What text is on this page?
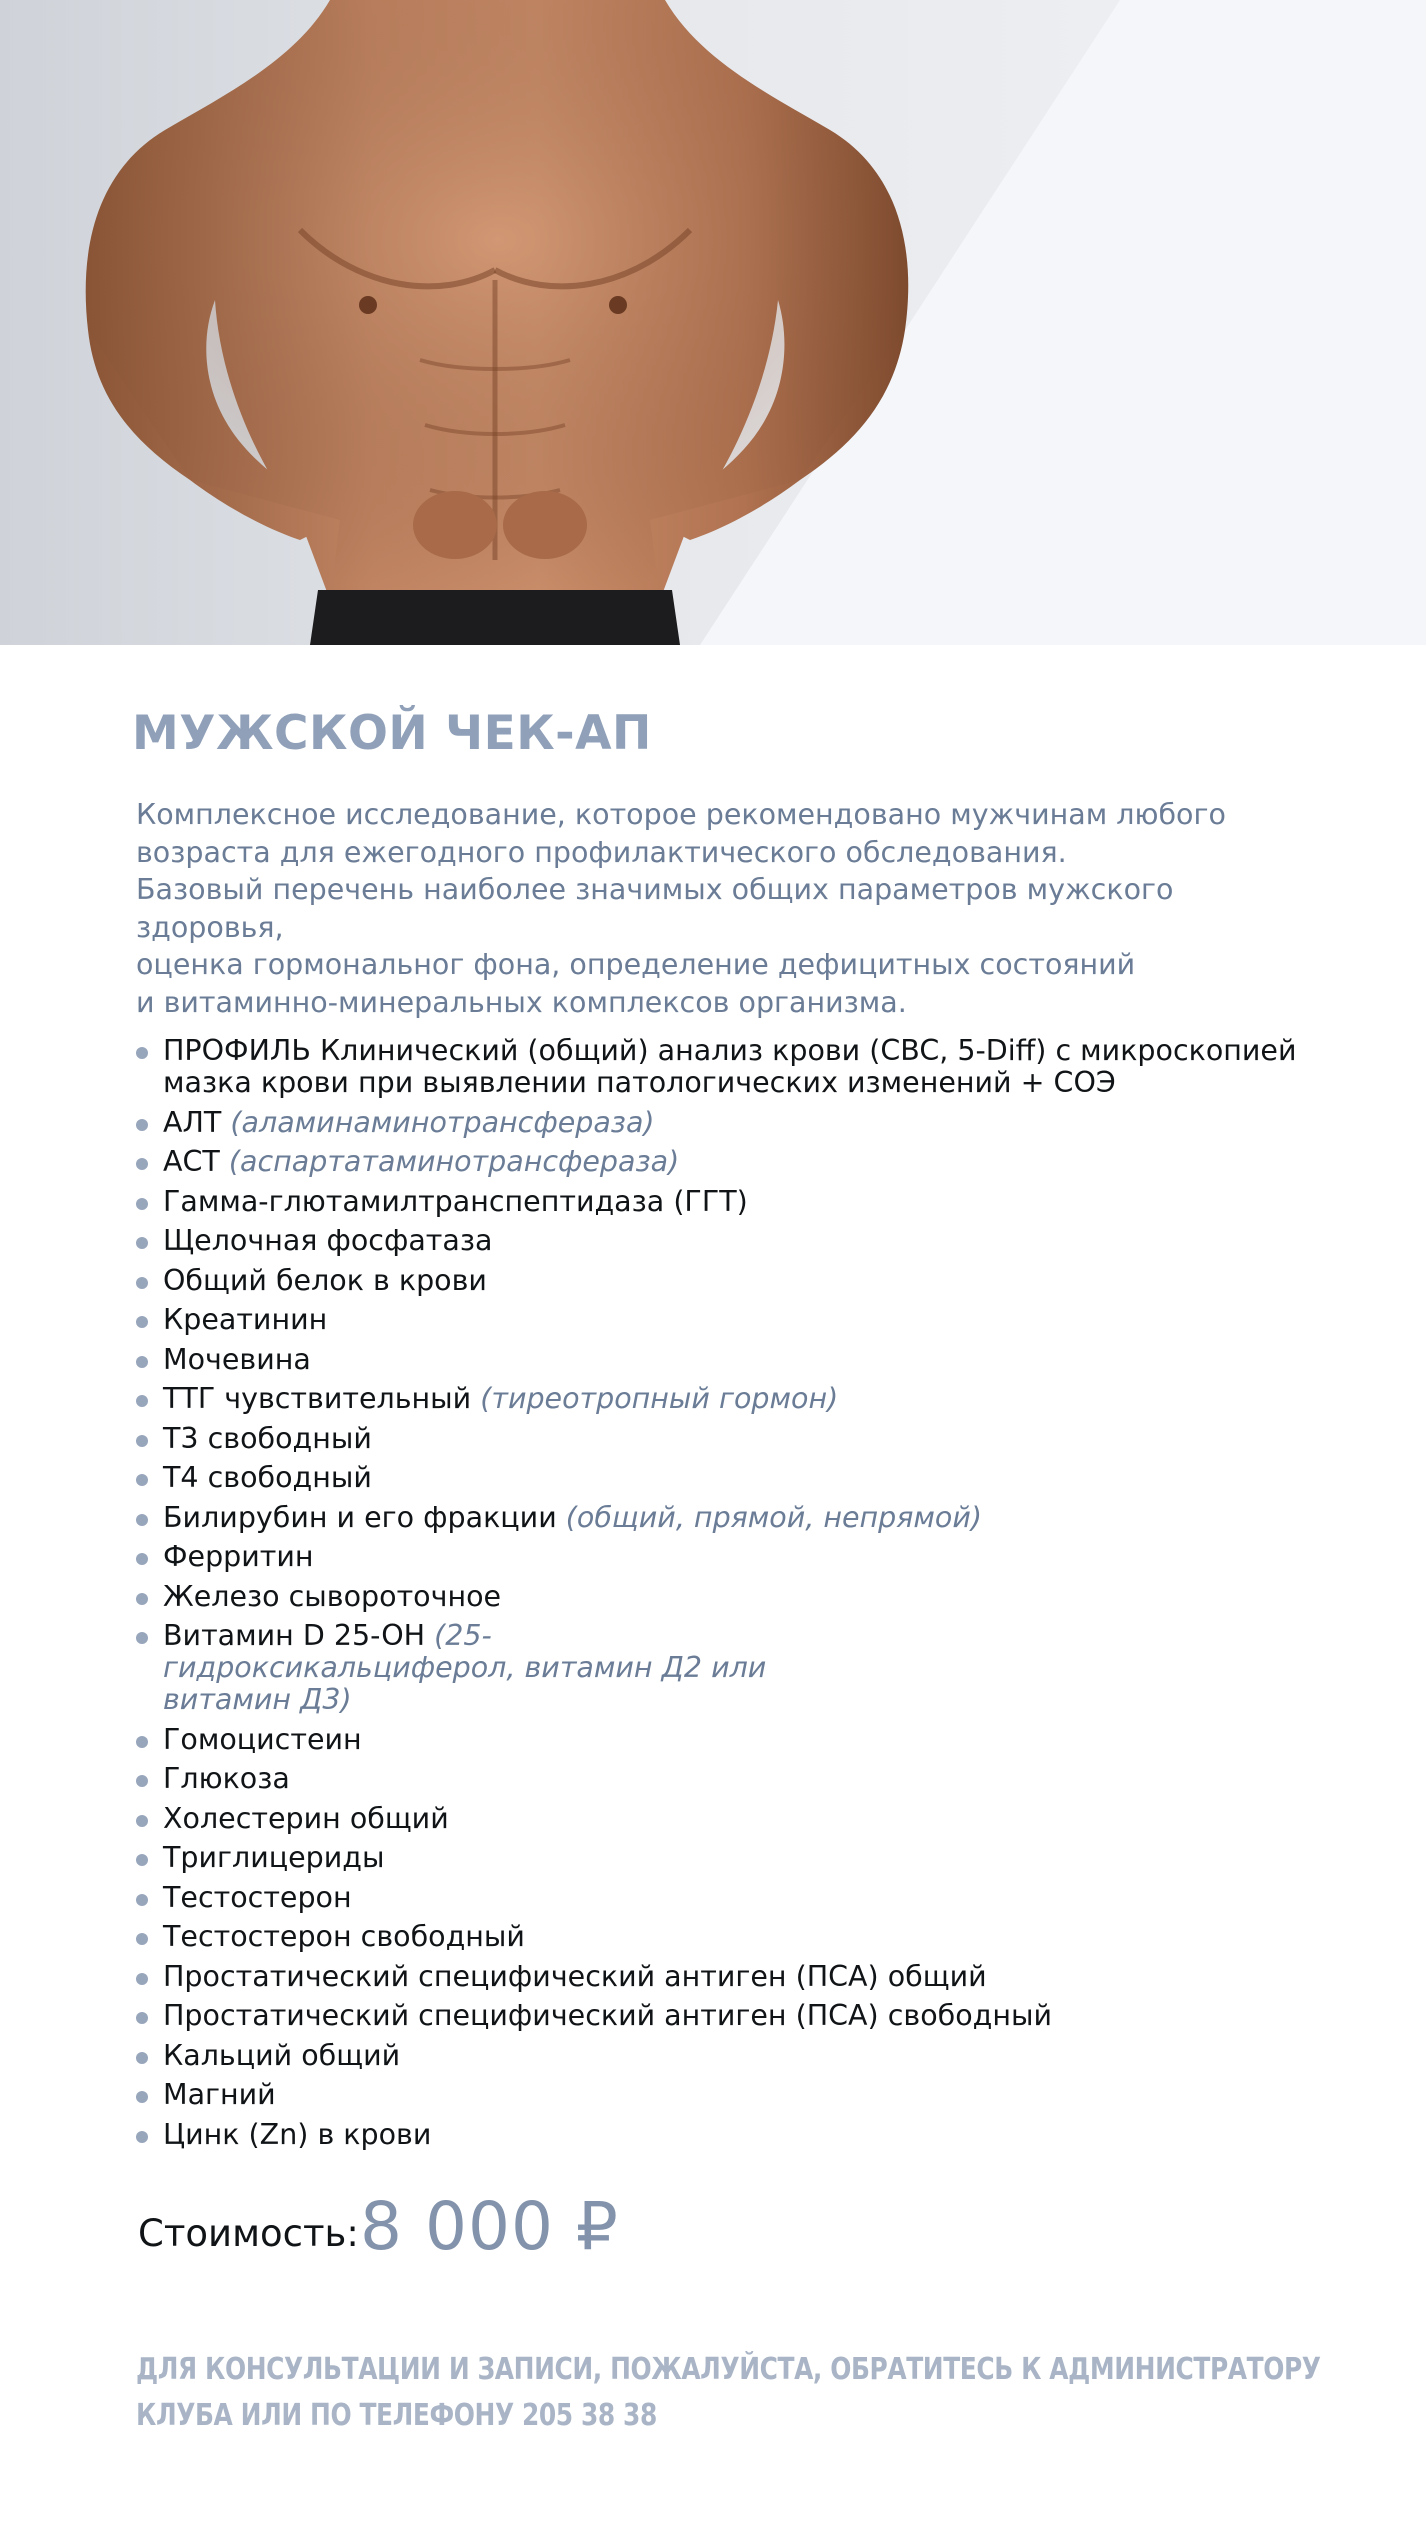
МУЖСКОЙ ЧЕК-АП

Комплексное исследование, которое рекомендовано мужчинам любого

возраста для ежегодного профилактического обследования.

Базовый перечень наиболее значимых общих параметров мужского здоровья,

оценка гормональног фона, определение дефицитных состояний

и витаминно-минеральных комплексов организма.

ПРОФИЛЬ Клинический (общий) анализ крови (CBC, 5-Diff) с микроскопией мазка крови при выявлении патологических изменений + СОЭ
АЛТ (аламинаминотрансфераза)
АСТ (аспартатаминотрансфераза)
Гамма-глютамилтранспептидаза (ГГТ)
Щелочная фосфатаза
Общий белок в крови
Креатинин
Мочевина
ТТГ чувствительный (тиреотропный гормон)
Т3 свободный
Т4 свободный
Билирубин и его фракции (общий, прямой, непрямой)
Ферритин
Железо сывороточное
Витамин D 25-OH (25-гидроксикальциферол, витамин Д2 или витамин Д3)
Гомоцистеин
Глюкоза
Холестерин общий
Триглицериды
Тестостерон
Тестостерон свободный
Простатический специфический антиген (ПСА) общий
Простатический специфический антиген (ПСА) свободный
Кальций общий
Магний
Цинк (Zn) в крови
Стоимость: 8 000 ₽
ДЛЯ КОНСУЛЬТАЦИИ И ЗАПИСИ, ПОЖАЛУЙСТА, ОБРАТИТЕСЬ К АДМИНИСТРАТОРУ
КЛУБА ИЛИ ПО ТЕЛЕФОНУ 205 38 38
